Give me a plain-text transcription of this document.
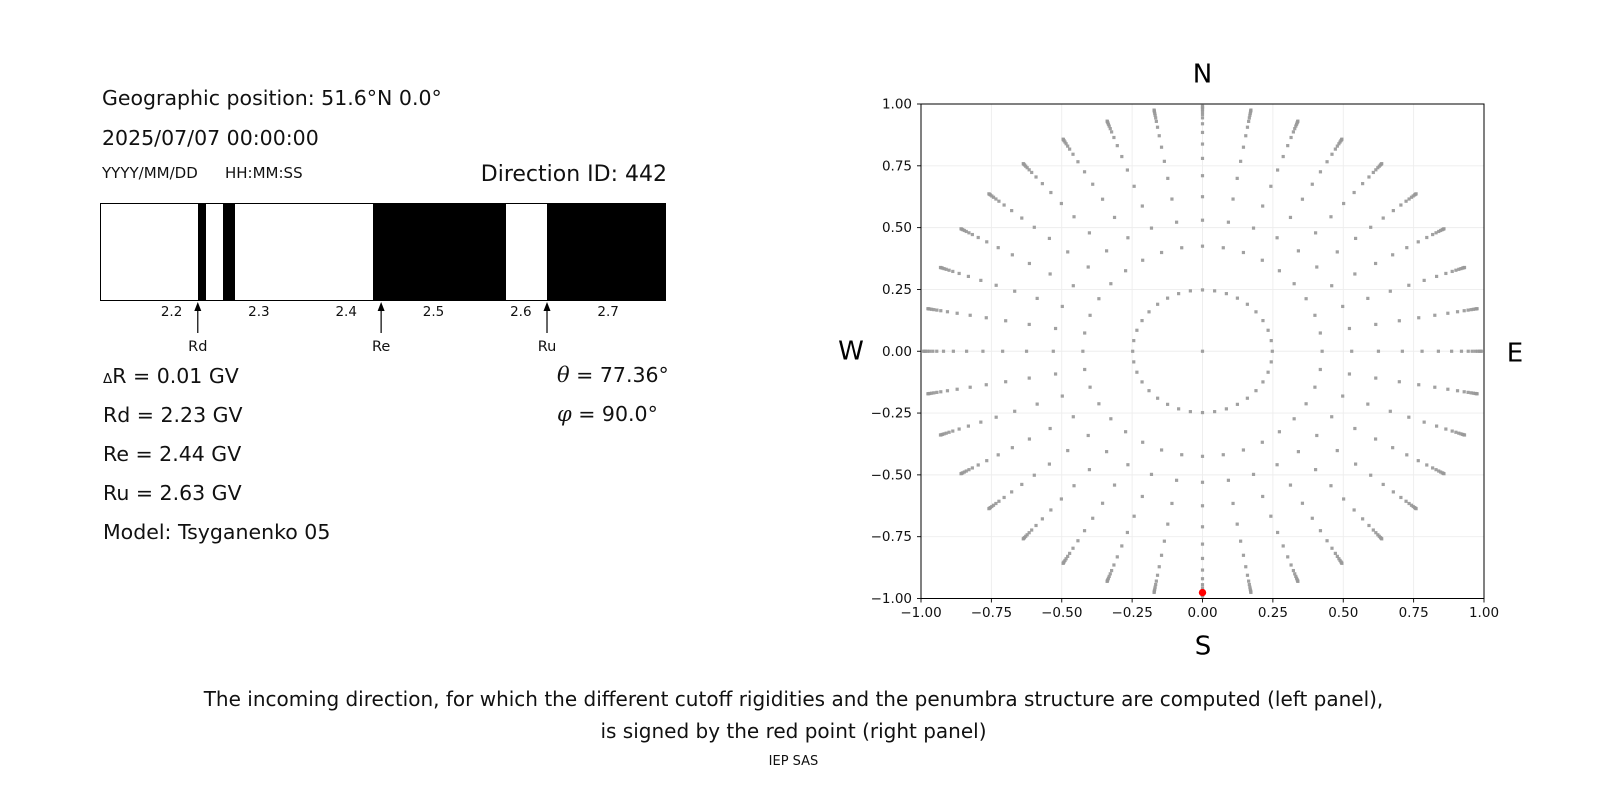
Geographic position: 51.6°N 0.0°
2025/07/07 00:00:00
YYYY/MM/DD HH:MM:SS	Direction ID: 442
2.2	2.3	2.4	2.5	2.6	2.7
Rd	Re	Ru
ΔR = 0.01 GV
Rd = 2.23 GV
Re = 2.44 GV
Ru = 2.63 GV
Model: Tsyganenko 05
θ = 77.36°
φ = 90.0°
−1.00 −0.75 −0.50 −0.25	0.00	0.25	0.50	0.75	1.00
−1.00
−0.75
−0.50
−0.25
0.00
0.25
0.50
0.75
1.00
N
S
W	E
The incoming direction, for which the different cutoff rigidities and the penumbra structure are computed (left panel),
is signed by the red point (right panel)
IEP SAS
